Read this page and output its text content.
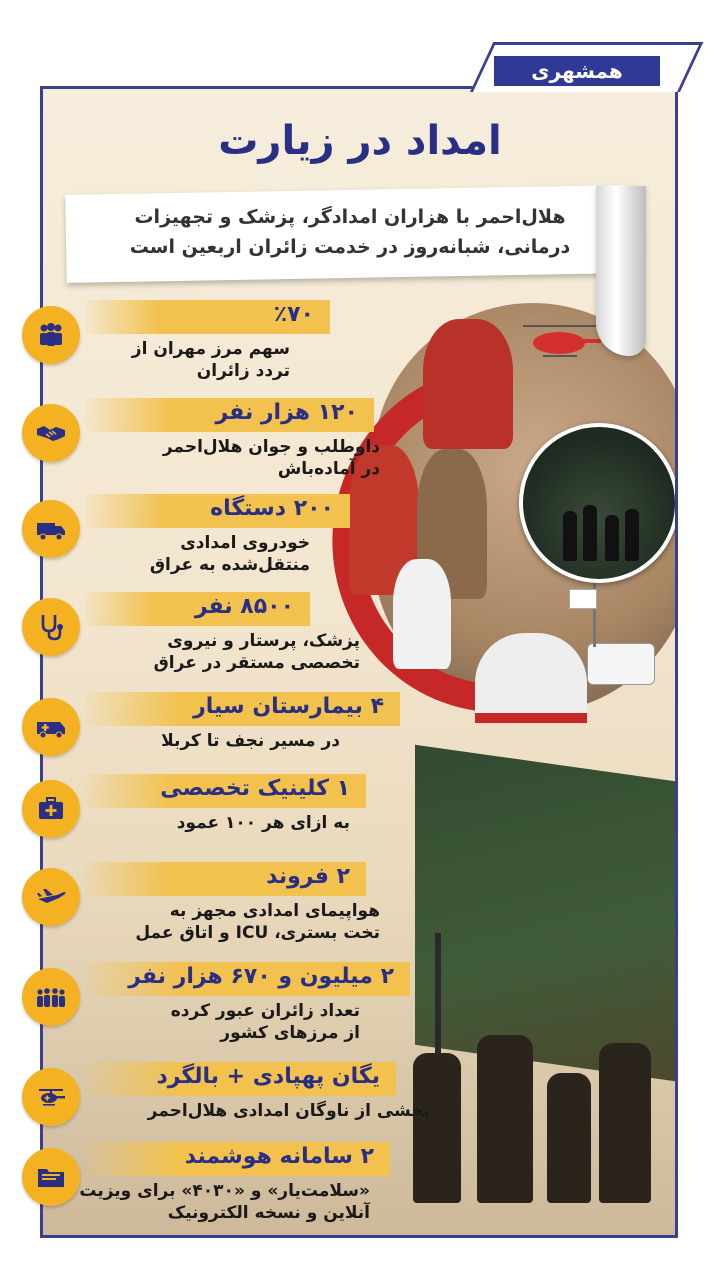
همشهری
امداد در زیارت
هلال‌احمر با هزاران امدادگر، پزشک و تجهیزات
درمانی، شبانه‌روز در خدمت زائران اربعین است
٪۷۰
سهم مرز مهران از
تردد زائران
۱۲۰ هزار نفر
داوطلب و جوان هلال‌احمر
در آماده‌باش
۲۰۰ دستگاه
خودروی امدادی
منتقل‌شده به عراق
۸۵۰۰ نفر
پزشک، پرستار و نیروی
تخصصی مستقر در عراق
۴ بیمارستان سیار
در مسیر نجف تا کربلا
۱ کلینیک تخصصی
به ازای هر ۱۰۰ عمود
۲ فروند
هواپیمای امدادی مجهز به
تخت بستری، ICU و اتاق عمل
۲ میلیون و ۶۷۰ هزار نفر
تعداد زائران عبور کرده
از مرزهای کشور
یگان پهپادی + بالگرد
بخشی از ناوگان امدادی هلال‌احمر
۲ سامانه هوشمند
«سلامت‌یار» و «۴۰۳۰» برای ویزیت
آنلاین و نسخه الکترونیک
